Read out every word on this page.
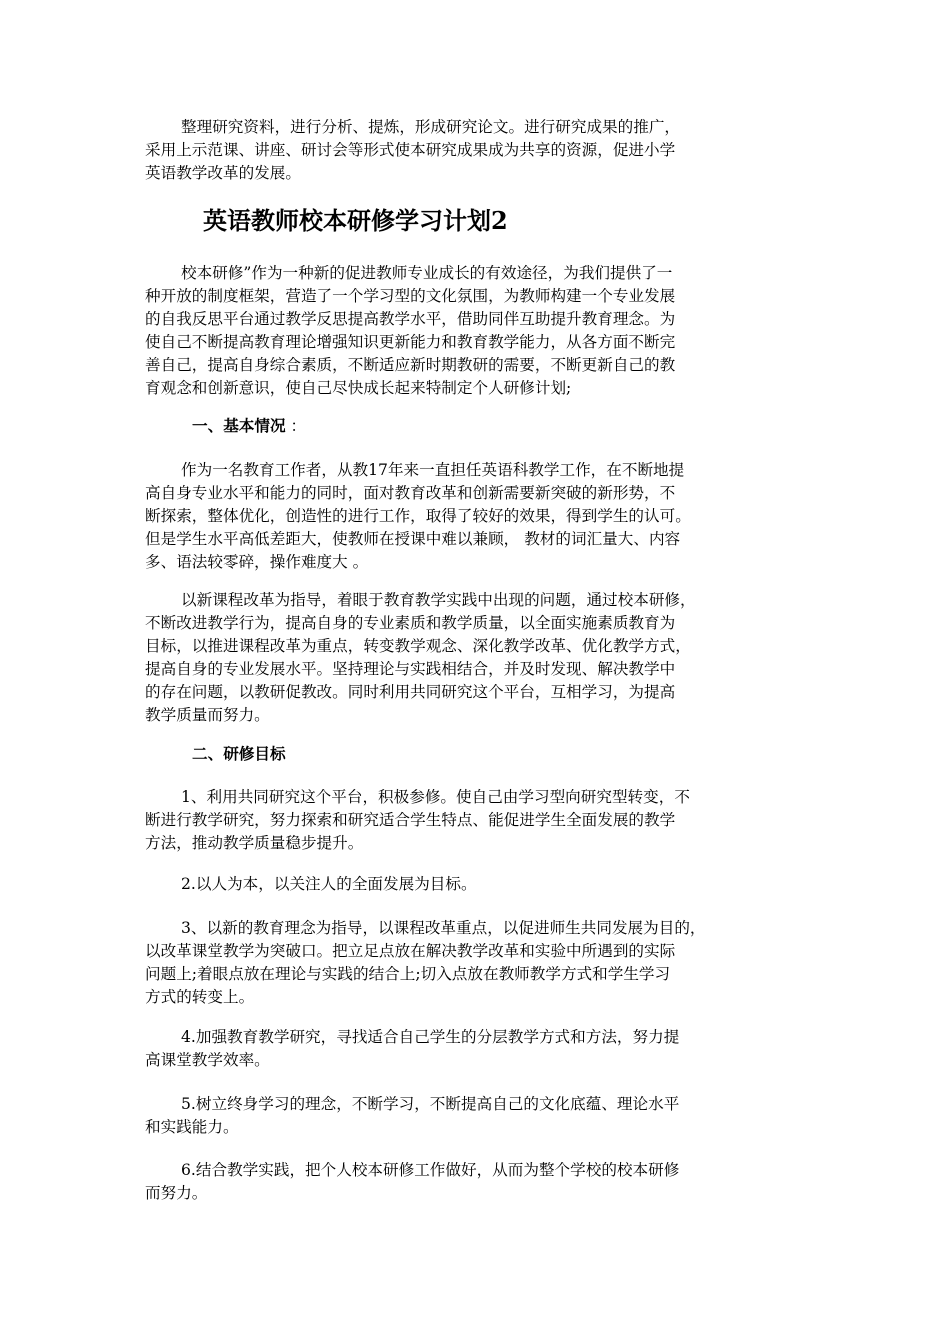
整理研究资料，进行分析、提炼，形成研究论文。进行研究成果的推广，

采用上示范课、讲座、研讨会等形式使本研究成果成为共享的资源，促进小学

英语教学改革的发展。

英语教师校本研修学习计划2

校本研修”作为一种新的促进教师专业成长的有效途径，为我们提供了一

种开放的制度框架，营造了一个学习型的文化氛围，为教师构建一个专业发展

的自我反思平台通过教学反思提高教学水平，借助同伴互助提升教育理念。为

使自己不断提高教育理论增强知识更新能力和教育教学能力，从各方面不断完

善自己，提高自身综合素质，不断适应新时期教研的需要，不断更新自己的教

育观念和创新意识，使自己尽快成长起来特制定个人研修计划;

一、基本情况 ：

作为一名教育工作者，从教17年来一直担任英语科教学工作，在不断地提

高自身专业水平和能力的同时，面对教育改革和创新需要新突破的新形势，不

断探索，整体优化，创造性的进行工作，取得了较好的效果，得到学生的认可。

但是学生水平高低差距大，使教师在授课中难以兼顾， 教材的词汇量大、内容

多、语法较零碎，操作难度大 。

以新课程改革为指导，着眼于教育教学实践中出现的问题，通过校本研修，

不断改进教学行为，提高自身的专业素质和教学质量，以全面实施素质教育为

目标，以推进课程改革为重点，转变教学观念、深化教学改革、优化教学方式，

提高自身的专业发展水平。坚持理论与实践相结合，并及时发现、解决教学中

的存在问题，以教研促教改。同时利用共同研究这个平台，互相学习，为提高

教学质量而努力。

二、研修目标

1、利用共同研究这个平台，积极参修。使自己由学习型向研究型转变，不

断进行教学研究，努力探索和研究适合学生特点、能促进学生全面发展的教学

方法，推动教学质量稳步提升。

2.以人为本，以关注人的全面发展为目标。

3、以新的教育理念为指导，以课程改革重点，以促进师生共同发展为目的，

以改革课堂教学为突破口。把立足点放在解决教学改革和实验中所遇到的实际

问题上;着眼点放在理论与实践的结合上;切入点放在教师教学方式和学生学习

方式的转变上。

4.加强教育教学研究，寻找适合自己学生的分层教学方式和方法，努力提

高课堂教学效率。

5.树立终身学习的理念，不断学习，不断提高自己的文化底蕴、理论水平

和实践能力。

6.结合教学实践，把个人校本研修工作做好，从而为整个学校的校本研修

而努力。
